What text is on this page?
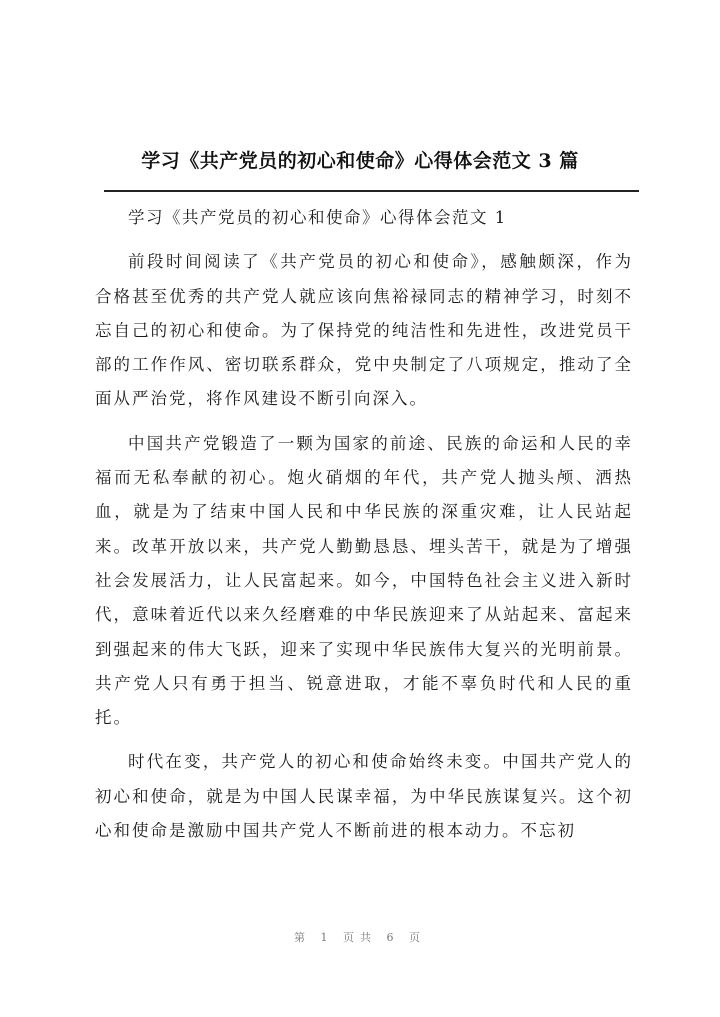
学习《共产党员的初心和使命》心得体会范文 3 篇

学习《共产党员的初心和使命》心得体会范文 1

前段时间阅读了《共产党员的初心和使命》，感触颇深，作为合格甚至优秀的共产党人就应该向焦裕禄同志的精神学习，时刻不忘自己的初心和使命。为了保持党的纯洁性和先进性，改进党员干部的工作作风、密切联系群众，党中央制定了八项规定，推动了全面从严治党，将作风建设不断引向深入。

中国共产党锻造了一颗为国家的前途、民族的命运和人民的幸福而无私奉献的初心。炮火硝烟的年代，共产党人抛头颅、洒热血，就是为了结束中国人民和中华民族的深重灾难，让人民站起来。改革开放以来，共产党人勤勤恳恳、埋头苦干，就是为了增强社会发展活力，让人民富起来。如今，中国特色社会主义进入新时代，意味着近代以来久经磨难的中华民族迎来了从站起来、富起来到强起来的伟大飞跃，迎来了实现中华民族伟大复兴的光明前景。共产党人只有勇于担当、锐意进取，才能不辜负时代和人民的重托。

时代在变，共产党人的初心和使命始终未变。中国共产党人的初心和使命，就是为中国人民谋幸福，为中华民族谋复兴。这个初心和使命是激励中国共产党人不断前进的根本动力。不忘初

第 1 页共 6 页
